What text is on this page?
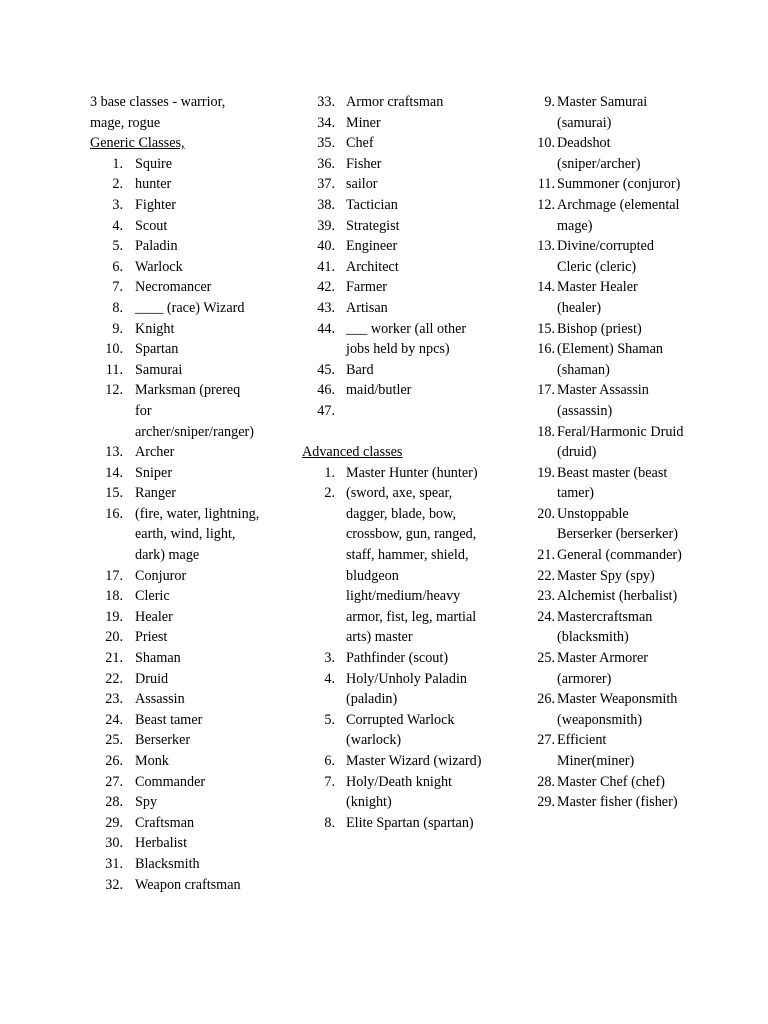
3 base classes - warrior, mage, rogue

Generic Classes,

1. Squire
2. hunter
3. Fighter
4. Scout
5. Paladin
6. Warlock
7. Necromancer
8. ____ (race) Wizard
9. Knight
10. Spartan
11. Samurai
12. Marksman (prereq for archer/sniper/ranger)
13. Archer
14. Sniper
15. Ranger
16. (fire, water, lightning, earth, wind, light, dark) mage
17. Conjuror
18. Cleric
19. Healer
20. Priest
21. Shaman
22. Druid
23. Assassin
24. Beast tamer
25. Berserker
26. Monk
27. Commander
28. Spy
29. Craftsman
30. Herbalist
31. Blacksmith
32. Weapon craftsman
33. Armor craftsman
34. Miner
35. Chef
36. Fisher
37. sailor
38. Tactician
39. Strategist
40. Engineer
41. Architect
42. Farmer
43. Artisan
44. ___ worker (all other jobs held by npcs)
45. Bard
46. maid/butler
47.

Advanced classes

1. Master Hunter (hunter)
2. (sword, axe, spear, dagger, blade, bow, crossbow, gun, ranged, staff, hammer, shield, bludgeon light/medium/heavy armor, fist, leg, martial arts) master
3. Pathfinder (scout)
4. Holy/Unholy Paladin (paladin)
5. Corrupted Warlock (warlock)
6. Master Wizard (wizard)
7. Holy/Death knight (knight)
8. Elite Spartan (spartan)
9. Master Samurai (samurai)
10. Deadshot (sniper/archer)
11. Summoner (conjuror)
12. Archmage (elemental mage)
13. Divine/corrupted Cleric (cleric)
14. Master Healer (healer)
15. Bishop (priest)
16. (Element) Shaman (shaman)
17. Master Assassin (assassin)
18. Feral/Harmonic Druid (druid)
19. Beast master (beast tamer)
20. Unstoppable Berserker (berserker)
21. General (commander)
22. Master Spy (spy)
23. Alchemist (herbalist)
24. Mastercraftsman (blacksmith)
25. Master Armorer (armorer)
26. Master Weaponsmith (weaponsmith)
27. Efficient Miner(miner)
28. Master Chef (chef)
29. Master fisher (fisher)
